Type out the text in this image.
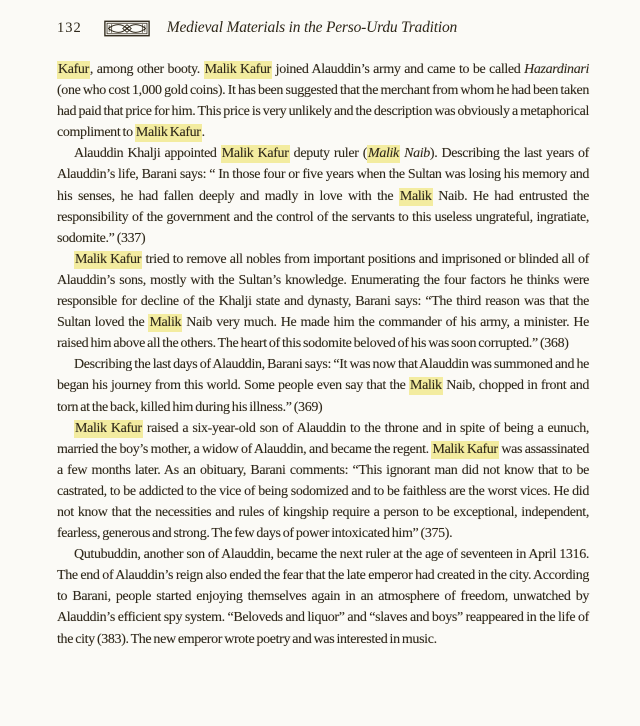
132	Medieval Materials in the Perso-Urdu Tradition

Kafur, among other booty. Malik Kafur joined Alauddin’s army and came to be called Hazardinari (one who cost 1,000 gold coins). It has been suggested that the merchant from whom he had been taken had paid that price for him. This price is very unlikely and the description was obviously a metaphorical compliment to Malik Kafur.

Alauddin Khalji appointed Malik Kafur deputy ruler (Malik Naib). Describing the last years of Alauddin’s life, Barani says: “ In those four or five years when the Sultan was losing his memory and his senses, he had fallen deeply and madly in love with the Malik Naib. He had entrusted the responsibility of the government and the control of the servants to this useless ungrateful, ingratiate, sodomite.” (337)

Malik Kafur tried to remove all nobles from important positions and imprisoned or blinded all of Alauddin’s sons, mostly with the Sultan’s knowledge. Enumerating the four factors he thinks were responsible for decline of the Khalji state and dynasty, Barani says: “The third reason was that the Sultan loved the Malik Naib very much. He made him the commander of his army, a minister. He raised him above all the others. The heart of this sodomite beloved of his was soon corrupted.” (368)

Describing the last days of Alauddin, Barani says: “It was now that Alauddin was summoned and he began his journey from this world. Some people even say that the Malik Naib, chopped in front and torn at the back, killed him during his illness.” (369)

Malik Kafur raised a six-year-old son of Alauddin to the throne and in spite of being a eunuch, married the boy’s mother, a widow of Alauddin, and became the regent. Malik Kafur was assassinated a few months later. As an obituary, Barani comments: “This ignorant man did not know that to be castrated, to be addicted to the vice of being sodomized and to be faithless are the worst vices. He did not know that the necessities and rules of kingship require a person to be exceptional, independent, fearless, generous and strong. The few days of power intoxicated him” (375).

Qutubuddin, another son of Alauddin, became the next ruler at the age of seventeen in April 1316. The end of Alauddin’s reign also ended the fear that the late emperor had created in the city. According to Barani, people started enjoying themselves again in an atmosphere of freedom, unwatched by Alauddin’s efficient spy system. “Beloveds and liquor” and “slaves and boys” reappeared in the life of the city (383). The new emperor wrote poetry and was interested in music.
